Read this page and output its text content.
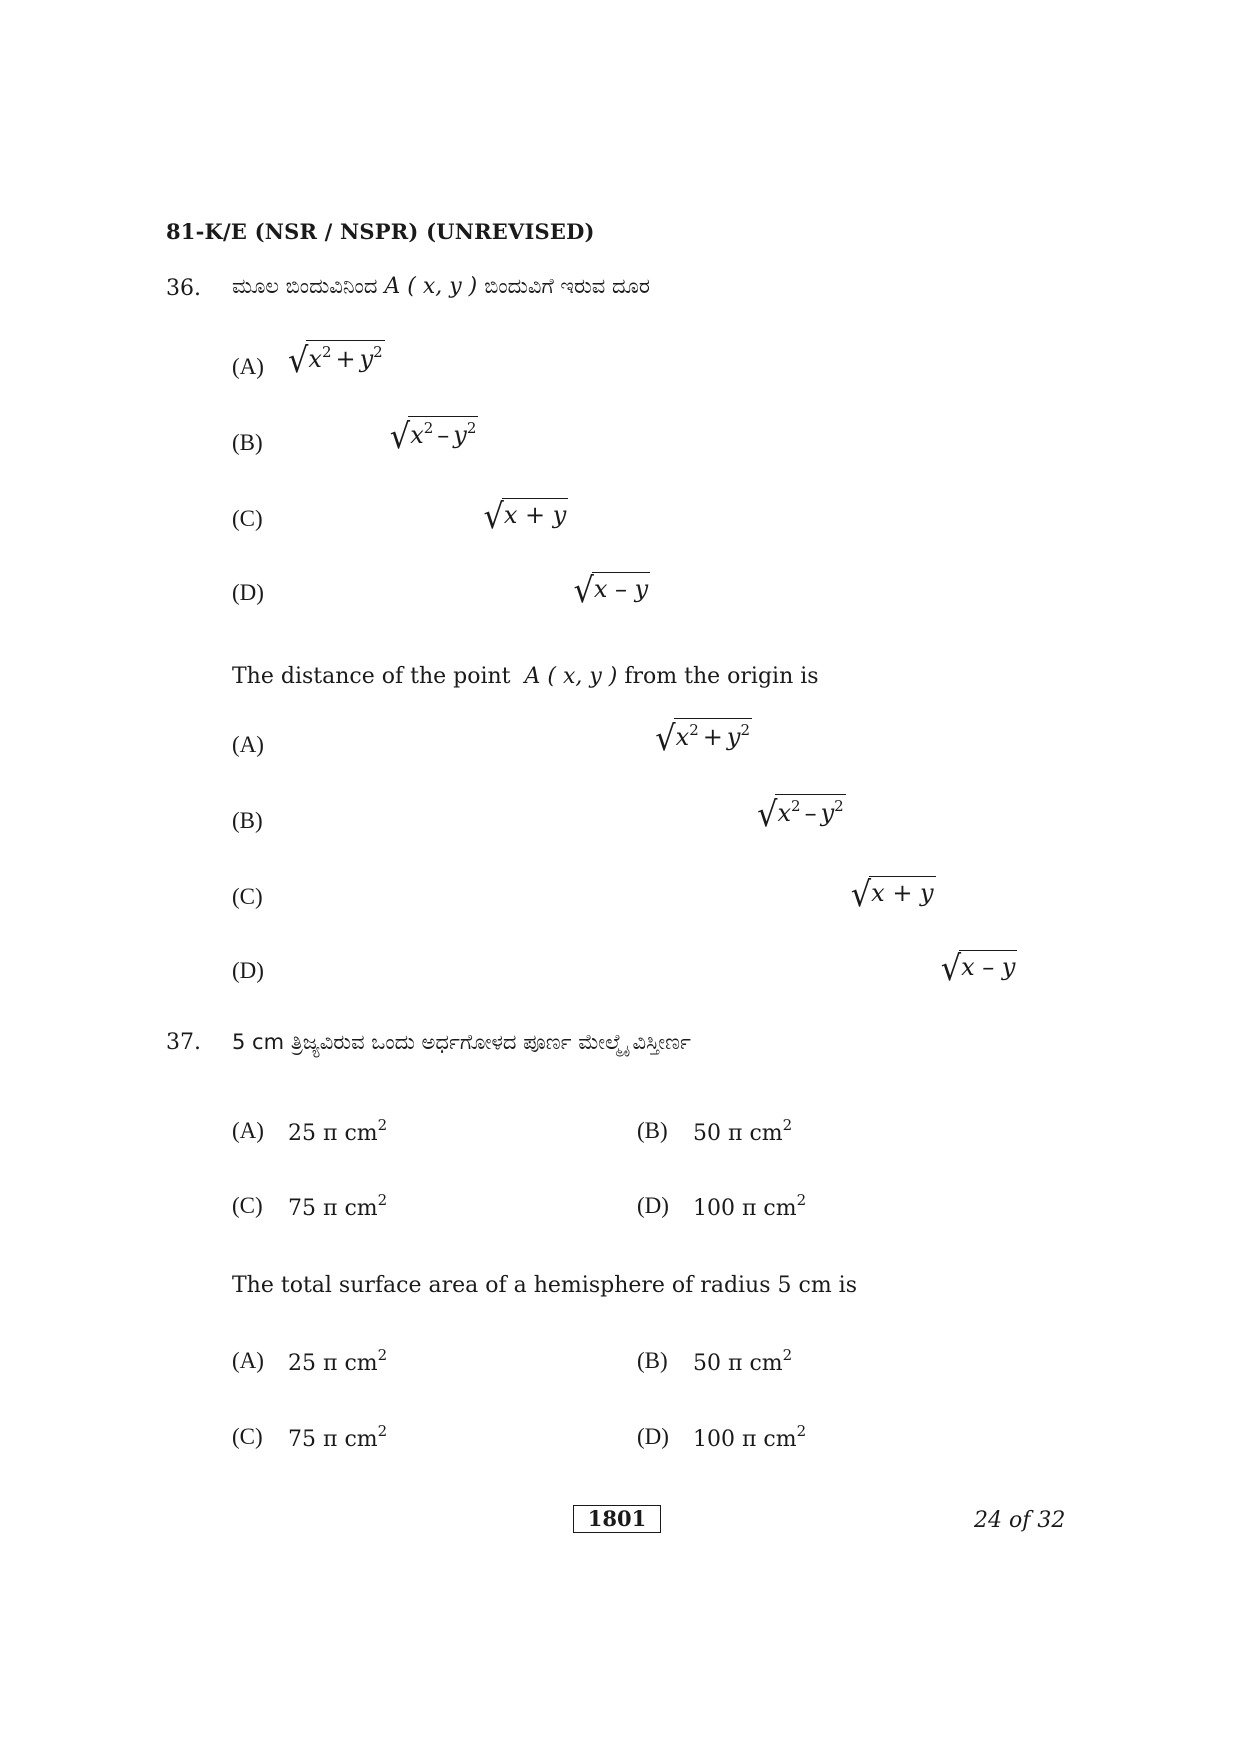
81-K/E (NSR / NSPR) (UNREVISED)
36. ಮೂಲ ಬಿಂದುವಿನಿಂದ A ( x, y ) ಬಿಂದುವಿಗೆ ಇರುವ ದೂರ
(A) $√x^2 + y^2$
(B)	$√x^2 - y^2$
(C)	√x + y
(D)	√x – y
The distance of the point A ( x, y ) from the origin is
(A)	$√x^2 + y^2$
(B)	$√x^2 - y^2$
(C)	√x + y
(D)	√x – y
37. 5 cm ತ್ರಿಜ್ಯವಿರುವ ಒಂದು ಅರ್ಧಗೋಳದ ಪೂರ್ಣ ಮೇಲ್ಮೈ ವಿಸ್ತೀರ್ಣ
(A) 25 π $cm^2$	(B) 50 π $cm^2$
(C) 75 π $cm^2$	(D) 100 π $cm^2$
The total surface area of a hemisphere of radius 5 cm is
(A) 25 π $cm^2$	(B) 50 π $cm^2$
(C) 75 π $cm^2$	(D) 100 π $cm^2$
1801	24 of 32
